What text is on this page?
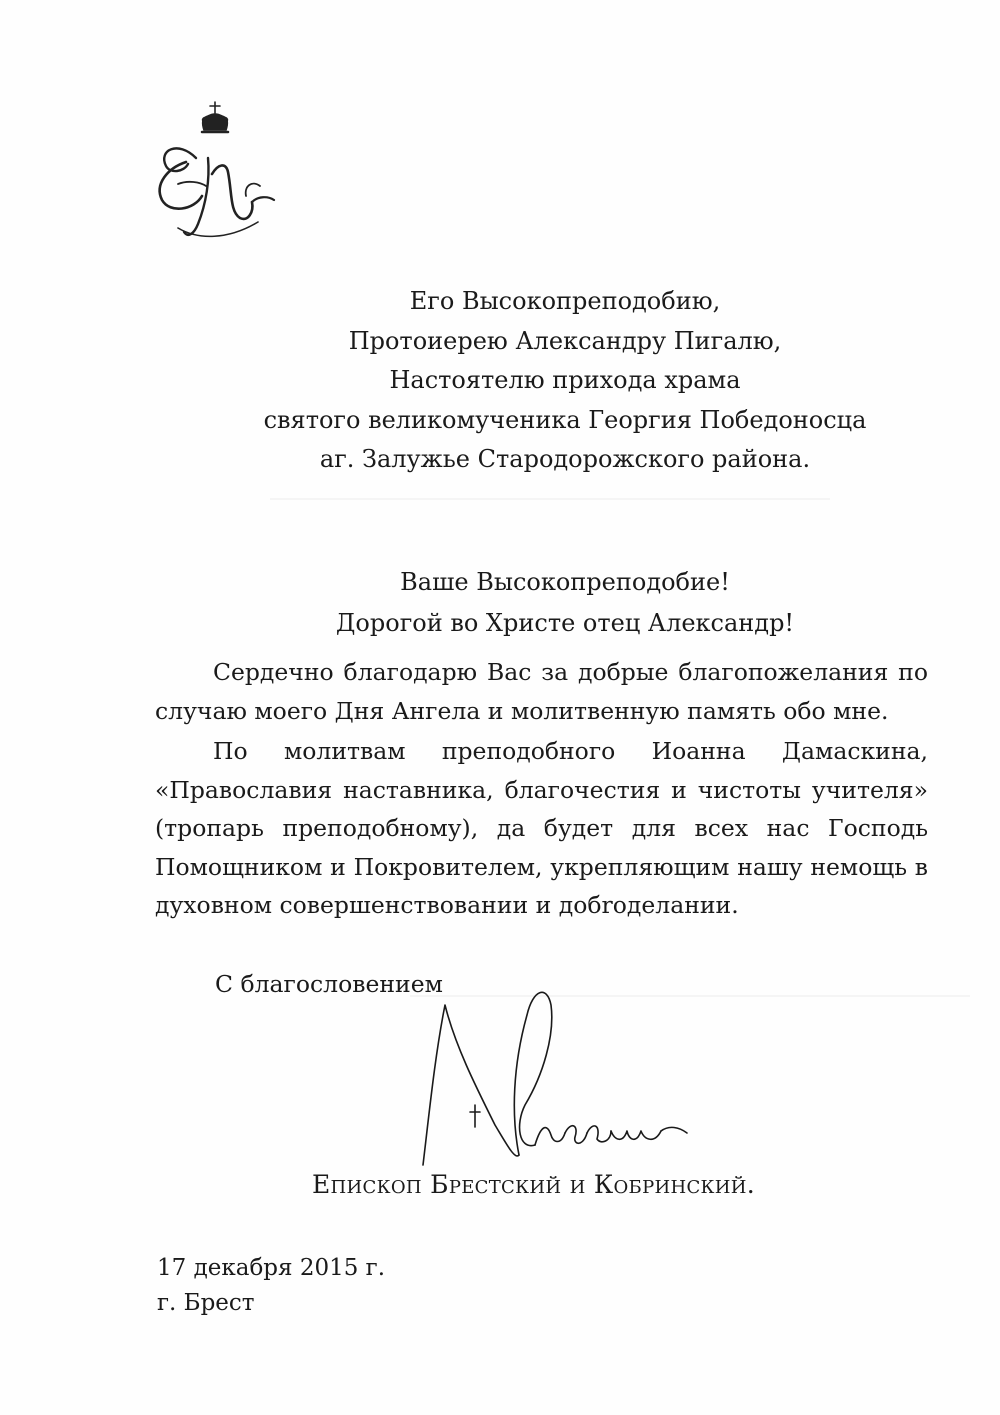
Его Высокопреподобию,
Протоиерею Александру Пигалю,
Настоятелю прихода храма
святого великомученика Георгия Победоносца
аг. Залужье Стародорожского района.
Ваше Высокопреподобие!
Дорогой во Христе отец Александр!

Сердечно благодарю Вас за добрые благопожелания по случаю моего Дня Ангела и молитвенную память обо мне.

По молитвам преподобного Иоанна Дамаскина, «Православия наставника, благочестия и чистоты учителя» (тропарь преподобному), да будет для всех нас Господь Помощником и Покровителем, укрепляющим нашу немощь в духовном совершенствовании и добroделании.

С благословением
Епископ Брестский и Кобринский.
17 декабря 2015 г.
г. Брест
